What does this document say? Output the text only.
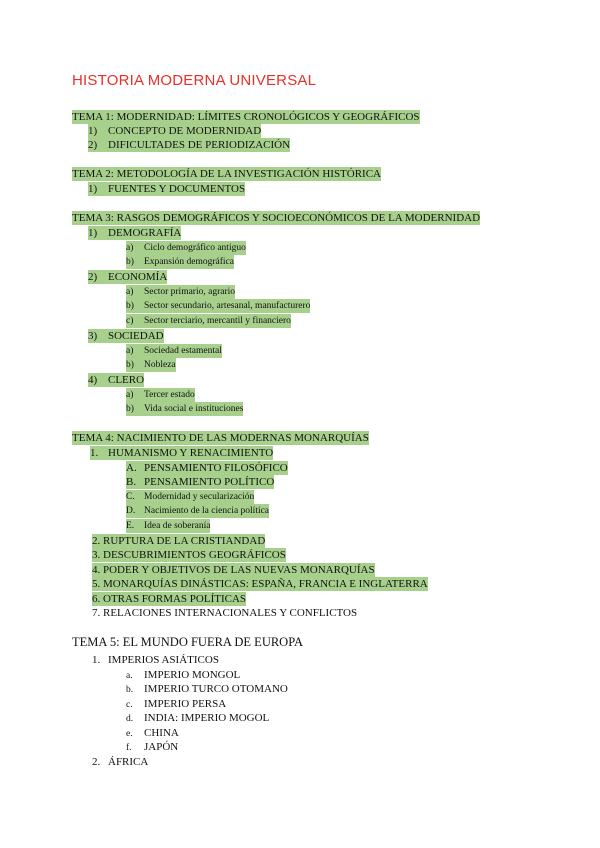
HISTORIA MODERNA UNIVERSAL
TEMA 1: MODERNIDAD: LÍMITES CRONOLÓGICOS Y GEOGRÁFICOS
1) CONCEPTO DE MODERNIDAD
2) DIFICULTADES DE PERIODIZACIÓN
TEMA 2: METODOLOGÍA DE LA INVESTIGACIÓN HISTÓRICA
1) FUENTES Y DOCUMENTOS
TEMA 3: RASGOS DEMOGRÁFICOS Y SOCIOECONÓMICOS DE LA MODERNIDAD
1) DEMOGRAFÍA
a) Ciclo demográfico antiguo
b) Expansión demográfica
2) ECONOMÍA
a) Sector primario, agrario
b) Sector secundario, artesanal, manufacturero
c) Sector terciario, mercantil y financiero
3) SOCIEDAD
a) Sociedad estamental
b) Nobleza
4) CLERO
a) Tercer estado
b) Vida social e instituciones
TEMA 4: NACIMIENTO DE LAS MODERNAS MONARQUÍAS
1. HUMANISMO Y RENACIMIENTO
A. PENSAMIENTO FILOSÓFICO
B. PENSAMIENTO POLÍTICO
C. Modernidad y secularización
D. Nacimiento de la ciencia política
E. Idea de soberanía
2. RUPTURA DE LA CRISTIANDAD
3. DESCUBRIMIENTOS GEOGRÁFICOS
4. PODER Y OBJETIVOS DE LAS NUEVAS MONARQUÍAS
5. MONARQUÍAS DINÁSTICAS: ESPAÑA, FRANCIA E INGLATERRA
6. OTRAS FORMAS POLÍTICAS
7. RELACIONES INTERNACIONALES Y CONFLICTOS
TEMA 5: EL MUNDO FUERA DE EUROPA
1. IMPERIOS ASIÁTICOS
a. IMPERIO MONGOL
b. IMPERIO TURCO OTOMANO
c. IMPERIO PERSA
d. INDIA: IMPERIO MOGOL
e. CHINA
f. JAPÓN
2. ÁFRICA
